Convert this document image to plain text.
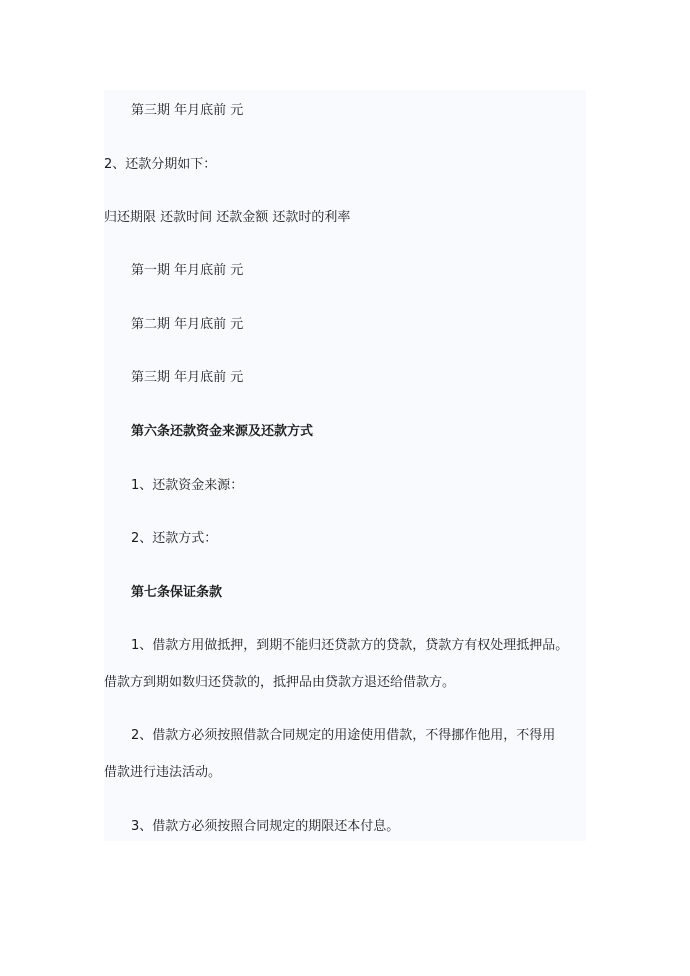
第三期 年月底前 元

2、还款分期如下：

归还期限 还款时间 还款金额 还款时的利率

第一期 年月底前 元

第二期 年月底前 元

第三期 年月底前 元

第六条还款资金来源及还款方式

1、还款资金来源：

2、还款方式：

第七条保证条款

1、借款方用做抵押，到期不能归还贷款方的贷款，贷款方有权处理抵押品。

借款方到期如数归还贷款的，抵押品由贷款方退还给借款方。

2、借款方必须按照借款合同规定的用途使用借款，不得挪作他用，不得用

借款进行违法活动。

3、借款方必须按照合同规定的期限还本付息。
